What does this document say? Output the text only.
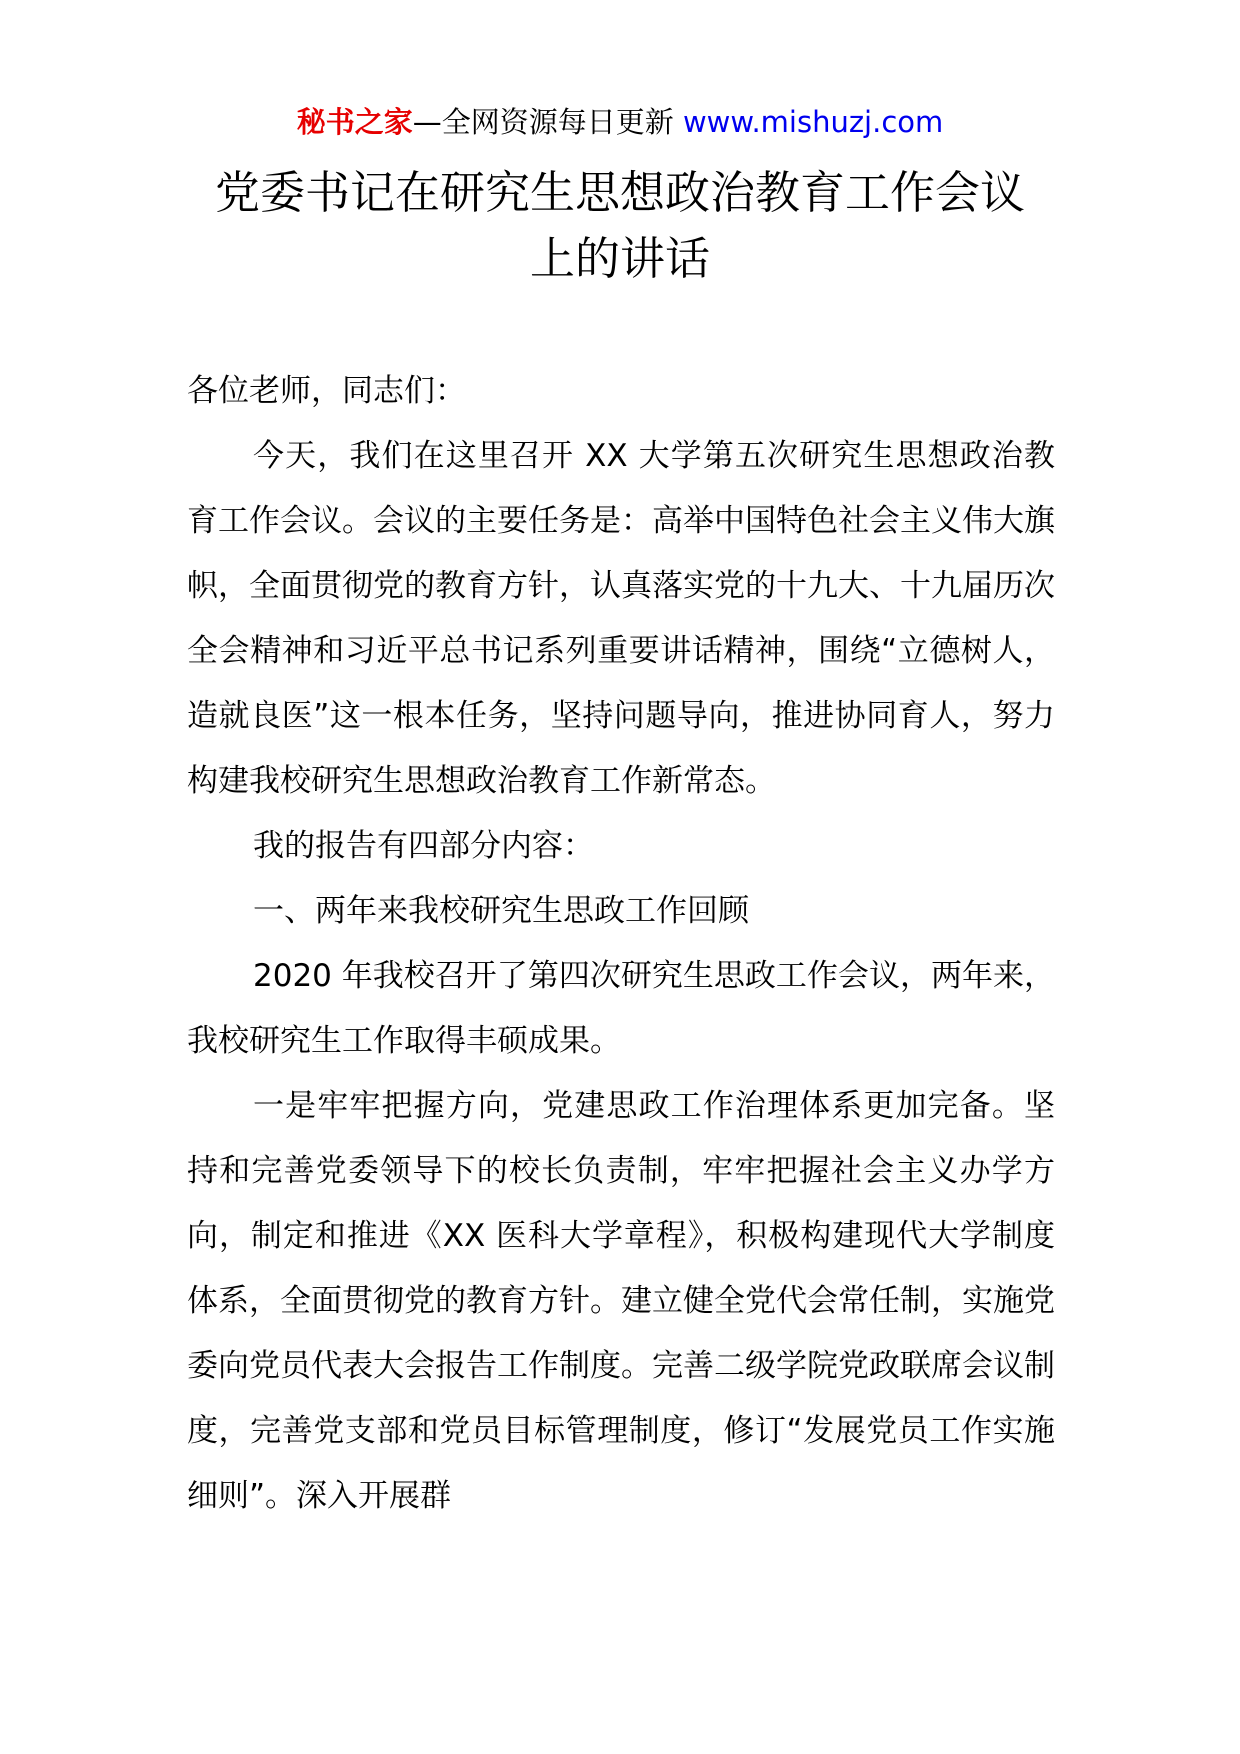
秘书之家—全网资源每日更新 www.mishuzj.com
党委书记在研究生思想政治教育工作会议
上的讲话

各位老师，同志们：

今天，我们在这里召开 XX 大学第五次研究生思想政治教育工作会议。会议的主要任务是：高举中国特色社会主义伟大旗帜，全面贯彻党的教育方针，认真落实党的十九大、十九届历次全会精神和习近平总书记系列重要讲话精神，围绕“立德树人，造就良医”这一根本任务，坚持问题导向，推进协同育人，努力构建我校研究生思想政治教育工作新常态。

我的报告有四部分内容：

一、两年来我校研究生思政工作回顾

2020 年我校召开了第四次研究生思政工作会议，两年来，我校研究生工作取得丰硕成果。

一是牢牢把握方向，党建思政工作治理体系更加完备。坚持和完善党委领导下的校长负责制，牢牢把握社会主义办学方向，制定和推进《XX 医科大学章程》，积极构建现代大学制度体系，全面贯彻党的教育方针。建立健全党代会常任制，实施党委向党员代表大会报告工作制度。完善二级学院党政联席会议制度，完善党支部和党员目标管理制度，修订“发展党员工作实施细则”。深入开展群
